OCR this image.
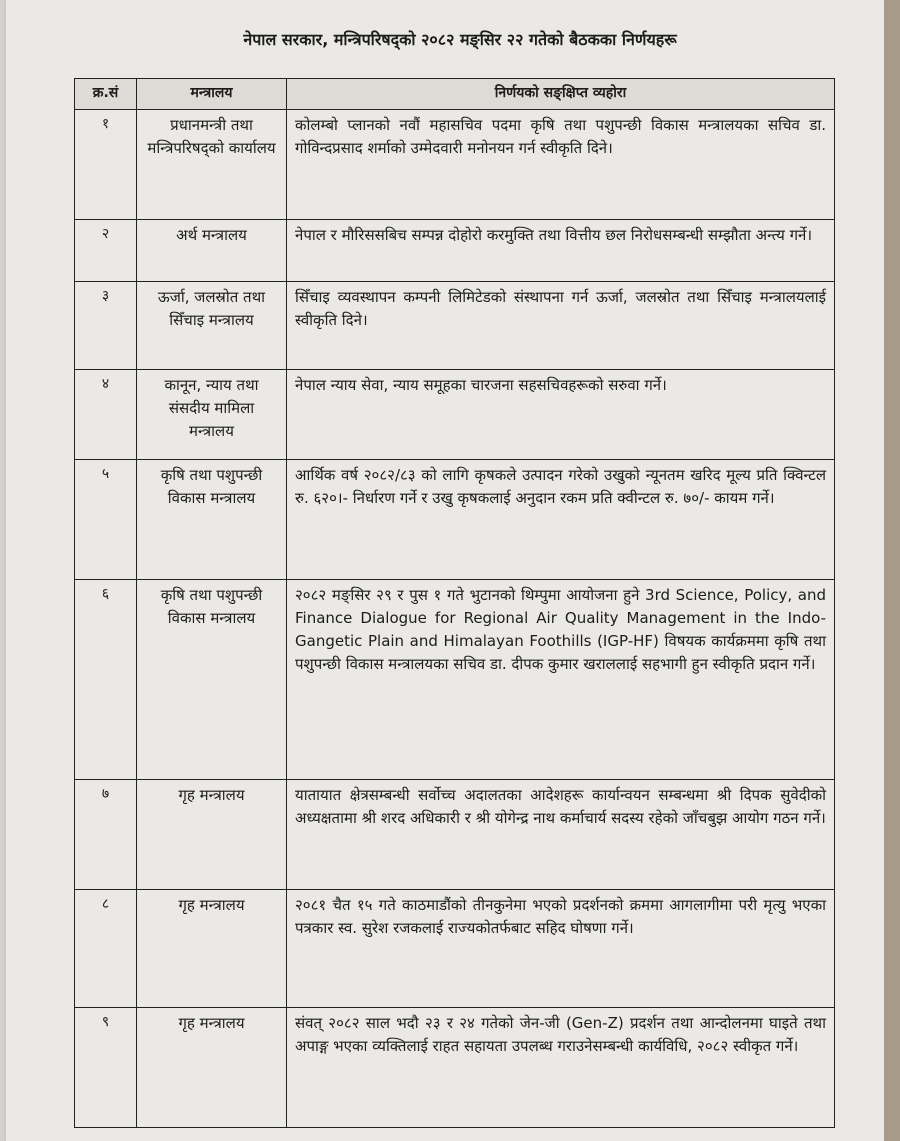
नेपाल सरकार, मन्त्रिपरिषद्को २०८२ मङ्सिर २२ गतेको बैठकका निर्णयहरू
क्र.सं	मन्त्रालय	निर्णयको सङ्क्षिप्त व्यहोरा
१	प्रधानमन्त्री तथा मन्त्रिपरिषद्को कार्यालय	कोलम्बो प्लानको नवौं महासचिव पदमा कृषि तथा पशुपन्छी विकास मन्त्रालयका सचिव डा. गोविन्दप्रसाद शर्माको उम्मेदवारी मनोनयन गर्न स्वीकृति दिने।
२	अर्थ मन्त्रालय	नेपाल र मौरिससबिच सम्पन्न दोहोरो करमुक्ति तथा वित्तीय छल निरोधसम्बन्धी सम्झौता अन्त्य गर्ने।
३	ऊर्जा, जलस्रोत तथा सिँचाइ मन्त्रालय	सिँचाइ व्यवस्थापन कम्पनी लिमिटेडको संस्थापना गर्न ऊर्जा, जलस्रोत तथा सिँचाइ मन्त्रालयलाई स्वीकृति दिने।
४	कानून, न्याय तथा संसदीय मामिला मन्त्रालय	नेपाल न्याय सेवा, न्याय समूहका चारजना सहसचिवहरूको सरुवा गर्ने।
५	कृषि तथा पशुपन्छी विकास मन्त्रालय	आर्थिक वर्ष २०८२/८३ को लागि कृषकले उत्पादन गरेको उखुको न्यूनतम खरिद मूल्य प्रति क्विन्टल रु. ६२०।- निर्धारण गर्ने र उखु कृषकलाई अनुदान रकम प्रति क्वीन्टल रु. ७०/- कायम गर्ने।
६	कृषि तथा पशुपन्छी विकास मन्त्रालय	२०८२ मङ्सिर २९ र पुस १ गते भुटानको थिम्पुमा आयोजना हुने 3rd Science, Policy, and Finance Dialogue for Regional Air Quality Management in the Indo-Gangetic Plain and Himalayan Foothills (IGP-HF) विषयक कार्यक्रममा कृषि तथा पशुपन्छी विकास मन्त्रालयका सचिव डा. दीपक कुमार खराललाई सहभागी हुन स्वीकृति प्रदान गर्ने।
७	गृह मन्त्रालय	यातायात क्षेत्रसम्बन्धी सर्वोच्च अदालतका आदेशहरू कार्यान्वयन सम्बन्धमा श्री दिपक सुवेदीको अध्यक्षतामा श्री शरद अधिकारी र श्री योगेन्द्र नाथ कर्माचार्य सदस्य रहेको जाँचबुझ आयोग गठन गर्ने।
८	गृह मन्त्रालय	२०८१ चैत १५ गते काठमाडौंको तीनकुनेमा भएको प्रदर्शनको क्रममा आगलागीमा परी मृत्यु भएका पत्रकार स्व. सुरेश रजकलाई राज्यकोतर्फबाट सहिद घोषणा गर्ने।
९	गृह मन्त्रालय	संवत् २०८२ साल भदौ २३ र २४ गतेको जेन-जी (Gen-Z) प्रदर्शन तथा आन्दोलनमा घाइते तथा अपाङ्ग भएका व्यक्तिलाई राहत सहायता उपलब्ध गराउनेसम्बन्धी कार्यविधि, २०८२ स्वीकृत गर्ने।
